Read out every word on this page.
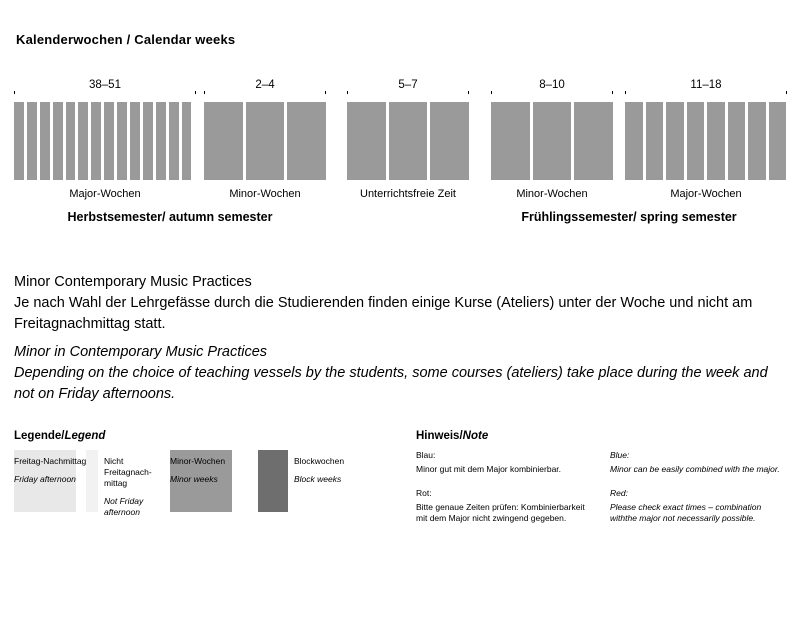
Kalenderwochen / Calendar weeks
38–51
Major-Wochen
2–4
Minor-Wochen
5–7
Unterrichtsfreie Zeit
8–10
Minor-Wochen
11–18
Major-Wochen
Herbstsemester/ autumn semester	Frühlingssemester/ spring semester

Minor Contemporary Music Practices

Je nach Wahl der Lehrgefässe durch die Studierenden finden einige Kurse (Ateliers) unter der Woche und nicht am Freitagnachmittag statt.

Minor in Contemporary Music Practices

Depending on the choice of teaching vessels by the students, some courses (ateliers) take place during the week and not on Friday afternoons.

Legende/Legend
Freitag-Nachmittag
Friday afternoon
Nicht Freitagnach-mittag
Not Friday afternoon
Minor-Wochen
Minor weeks
Blockwochen
Block weeks
Hinweis/Note
Blau:
Minor gut mit dem Major kombinierbar.
Rot:
Bitte genaue Zeiten prüfen: Kombinierbarkeit mit dem Major nicht zwingend gegeben.
Blue:
Minor can be easily combined with the major.
Red:
Please check exact times – combination withthe major not necessarily possible.
